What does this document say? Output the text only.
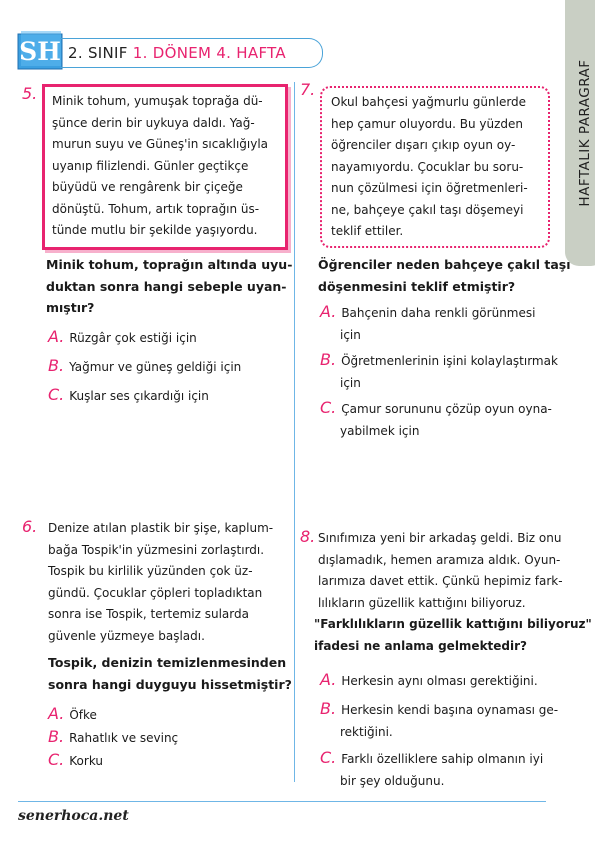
SH 2. SINIF 1. DÖNEM 4. HAFTA
HAFTALIK PARAGRAF
senerhoca.net
5. Minik tohum, yumuşak toprağa dü-
şünce derin bir uykuya daldı. Yağ-
murun suyu ve Güneş'in sıcaklığıyla
uyanıp filizlendi. Günler geçtikçe
büyüdü ve rengârenk bir çiçeğe
dönüştü. Tohum, artık toprağın üs-
tünde mutlu bir şekilde yaşıyordu.
Minik tohum, toprağın altında uyu-
duktan sonra hangi sebeple uyan-
mıştır?
A. Rüzgâr çok estiği için
B. Yağmur ve güneş geldiği için
C. Kuşlar ses çıkardığı için
7.
Okul bahçesi yağmurlu günlerde
hep çamur oluyordu. Bu yüzden
öğrenciler dışarı çıkıp oyun oy-
nayamıyordu. Çocuklar bu soru-
nun çözülmesi için öğretmenleri-
ne, bahçeye çakıl taşı döşemeyi
teklif ettiler.
Öğrenciler neden bahçeye çakıl taşı
döşenmesini teklif etmiştir?
A. Bahçenin daha renkli görünmesi
için
B. Öğretmenlerinin işini kolaylaştırmak
için
C. Çamur sorununu çözüp oyun oyna-
yabilmek için
6. Denize atılan plastik bir şişe, kaplum-
bağa Tospik'in yüzmesini zorlaştırdı.
Tospik bu kirlilik yüzünden çok üz-
gündü. Çocuklar çöpleri topladıktan
sonra ise Tospik, tertemiz sularda
güvenle yüzmeye başladı.
Tospik, denizin temizlenmesinden
sonra hangi duyguyu hissetmiştir?
A. Öfke
B. Rahatlık ve sevinç
C. Korku
8. Sınıfımıza yeni bir arkadaş geldi. Biz onu
dışlamadık, hemen aramıza aldık. Oyun-
larımıza davet ettik. Çünkü hepimiz fark-
lılıkların güzellik kattığını biliyoruz.
"Farklılıkların güzellik kattığını biliyoruz"
ifadesi ne anlama gelmektedir?
A. Herkesin aynı olması gerektiğini.
B. Herkesin kendi başına oynaması ge-
rektiğini.
C. Farklı özelliklere sahip olmanın iyi
bir şey olduğunu.
